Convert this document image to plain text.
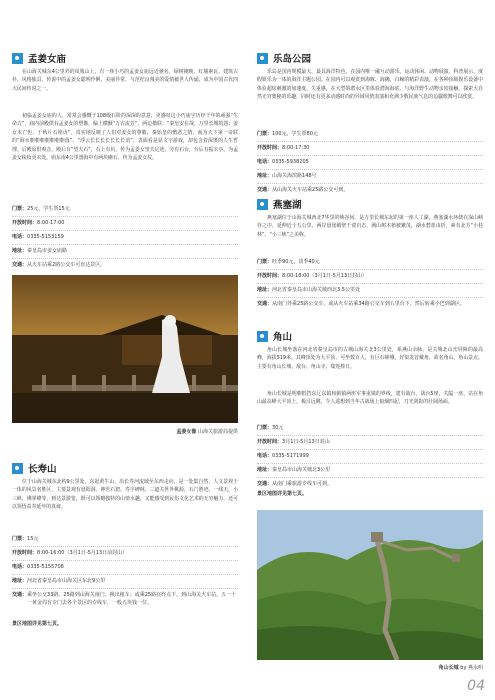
孟姜女庙
在山海关城东4公里外的凤凰山上，有一座小巧的孟姜女庙远近驰名，绿树掩映，红墙素瓦，建筑古朴，风格独具，传说中的孟姜女聪明伶俐，美丽异常，与范杞良漫美的爱情被世人传诵，成为中国古代四大民间传说之一。
初临孟姜女庙的人，常常会感慨于108级石阶的深深的意意，更感叹这小巧庙宇历经千年的顽强“生命力”，庙内前殿供有孟姜女的塑像，偏上横额“万古流芳”，两边楹联：“秦皇安在哉，万里长城筑怨；姜女未亡也，千秋片石铭贞”，真实地反映了人们对姜女的尊敬、秦始皇的憎恶之情。而为天下第一奇联的“海水朝朝朝朝朝朝朝落”，“浮云长长长长长长长消”，表面看是显文字游戏，却包含着深奥的人生哲理。后殿原供观音，殿后有“望夫石”，石上有坑，传为孟姜女望夫足迹。旁有石台，台后有振衣亭，为孟姜女梳妆更衣处。庙东南4公里渤海中有两块礁石，传为孟姜女坟。
门票： 25元，学生票15元
开放时间： 8:00-17:00
电话： 0335-5153159
地址： 秦皇岛市姜女庙路
交通： 从火车站乘2路公交车可直达景区。
孟姜女像 山海关旅游局提供
长寿山
位于山海关城东北约9公里处，东起黄牛山，沿长寿河流域至东西走向，是一处集自然、人文景观于一体的风景名胜区，主要景观有悬阳洞、神医石窟、寿字碑林、三道关世外桃源，石门胜迹、一线天，小三峡，佛掌峰等，到达景游览，既可以领略独特的山情水趣，又能感受到民俗文化艺术的无穷魅力，还可以领悟益寿延年的真谛。
门票： 15元
开放时间： 8:00-16:00（3月1日-5月13日前封山）
电话： 0335-5155708
地址： 河北省秦皇岛市山海关区东北9公里
交通： 乘坐公交33路、25路到山海关南门，换出租车；或乘25路在终点下，到山海关火车站，五一十一黄金周有专门去各个景区的专线车，一般五块钱一位。
景区地图详见第七页。
乐岛公园
乐岛是国内规模最大、最具海洋特色、在园内唯一融互动游乐、运动休闲、动物展演、科普展示、度假娱乐为一体的海洋主题公园。在园内可以观赏到海豚、海狮、白鲸的精彩表演，在各种顶级娱乐设备中体验超炫刺激的加速度、失重感，在大型的潜水区里体验潜海海底，与海洋野生动物亲密接触，探索大自然无穷奥秘的乐趣，同时还有更多动感时尚的异域风情表演和充满少数民族气息的边疆歌舞可以欣赏。
门票： 100元，学生票80元
开放时间： 8:00-17:30
电话： 0335-5938205
地址： 山海关海滨路148号
交通： 从山海关火车站乘25路公交可到。
燕塞湖
燕塞湖位于山海关城西北7华里的峡谷间，是万里长城东起的第一座人工湖。燕塞湖水环绕在深山峡谷之中，延伸近十五公里，两岸悬崖峭壁千姿百态，满山树木植被繁茂，湖水碧蓝由折，素有北方“小桂林”、“小三峡”之美称。
门票： 旺季90元，淡季40元
开放时间： 8:00-18:00（3月1日-5月13日封山）
地址： 河北省秦皇岛市山海关城西北3.5公里处
交通： 从南门外乘25路公交车，或从火车站乘34路公交车到五里台下，然后转乘小巴到湖区。
角山
角山长城坐落在河北省秦皇岛市的古城山海关北3公里处，系燕山余脉，是关城北山峦屏障的最高峰，海拔519米。其峰顶处为大平顶，可坐数百人，有巨石嵯峨，好似龙首戴角，故名角山。角山景点，主要有角山长城、敌台、角山寺、瑞莲捧日。
角山长城是明朝抵挡东辽东镇和蓟镇两座军事重镇的界线，建有敌台，战台5座，关隘一座。站在角山最高峰大平顶上，极目远眺，令人遥想到当年古战场上狼烟四起，刀光剑影的壮阔场面。
门票： 30元
开放时间： 3月1日-5月13日封山
电话： 0335-5171999
地址： 秦皇岛市山海关城北3公里
交通： 从南门乘旅游专线车可到。
景区地图详见第七页。
角山长城 by 燕永明
04
